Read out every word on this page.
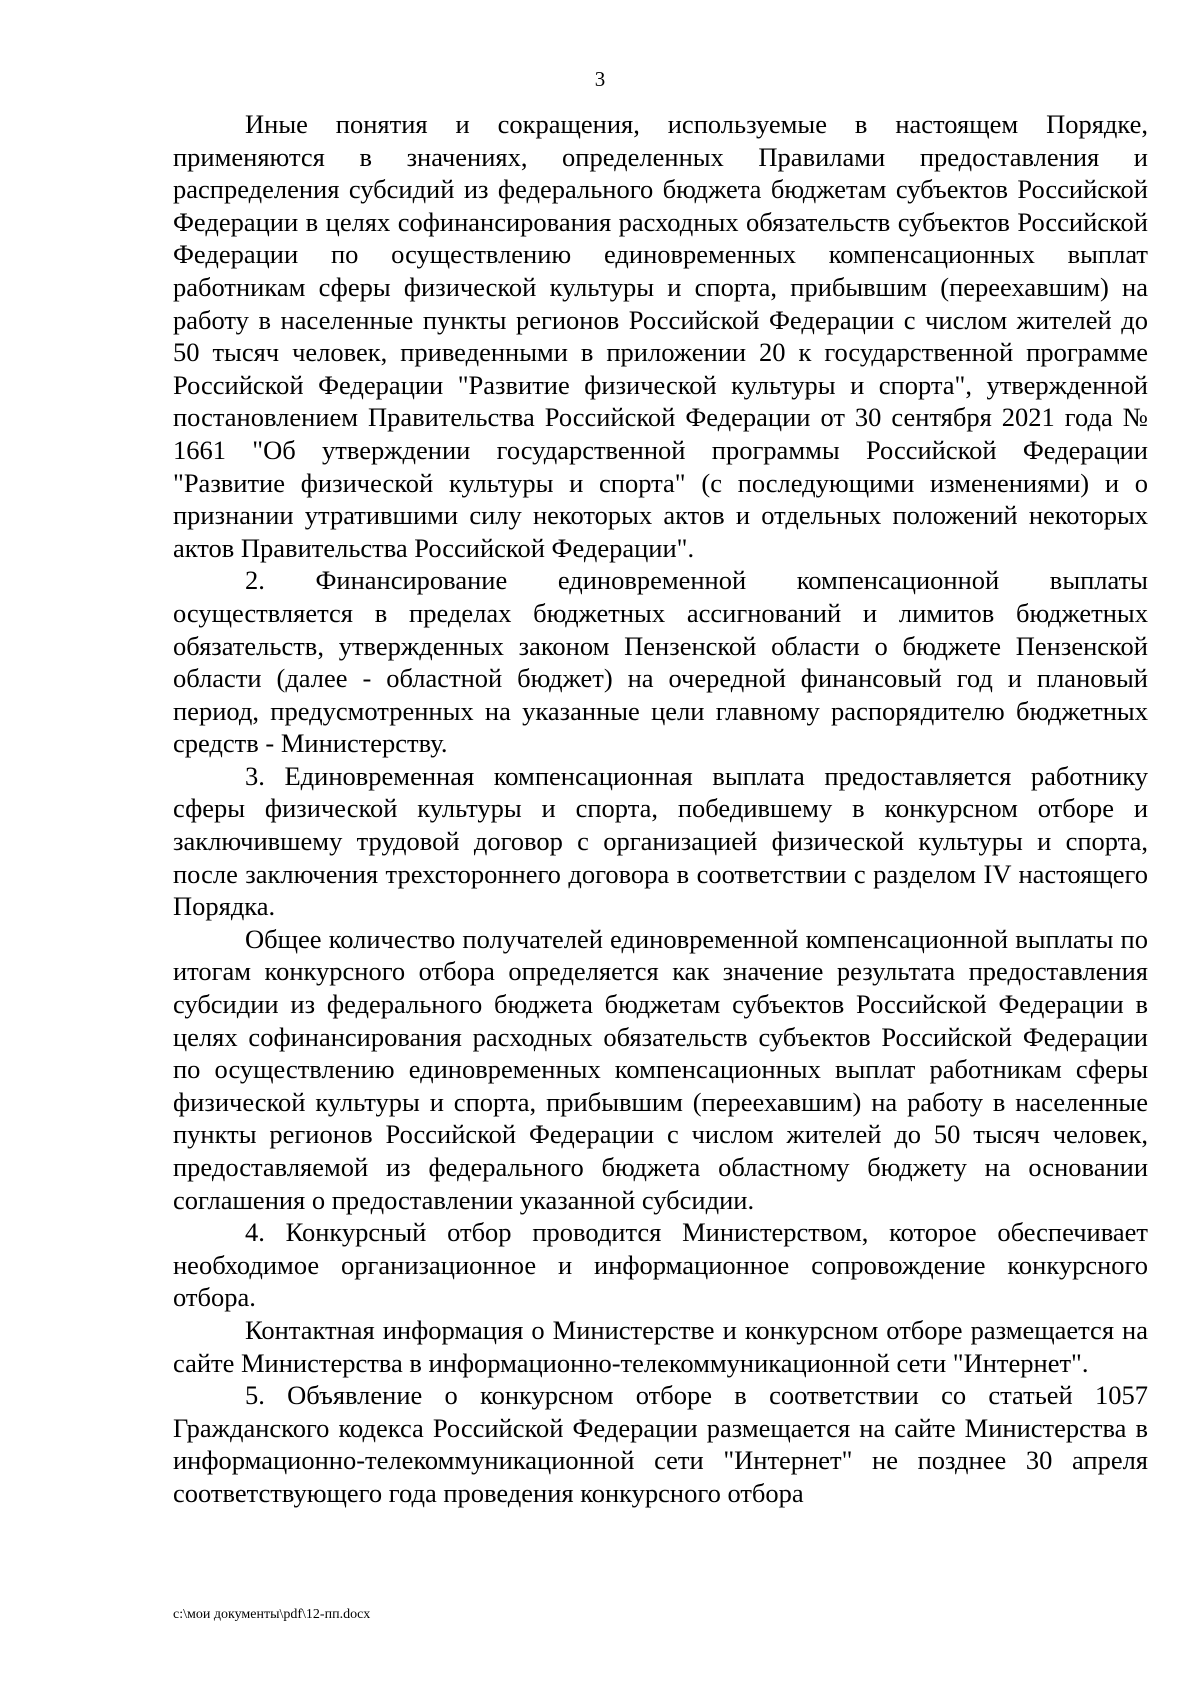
3

Иные понятия и сокращения, используемые в настоящем Порядке, применяются в значениях, определенных Правилами предоставления и распределения субсидий из федерального бюджета бюджетам субъектов Российской Федерации в целях софинансирования расходных обязательств субъектов Российской Федерации по осуществлению единовременных компенсационных выплат работникам сферы физической культуры и спорта, прибывшим (переехавшим) на работу в населенные пункты регионов Российской Федерации с числом жителей до 50 тысяч человек, приведенными в приложении 20 к государственной программе Российской Федерации "Развитие физической культуры и спорта", утвержденной постановлением Правительства Российской Федерации от 30 сентября 2021 года № 1661 "Об утверждении государственной программы Российской Федерации "Развитие физической культуры и спорта" (с последующими изменениями) и о признании утратившими силу некоторых актов и отдельных положений некоторых актов Правительства Российской Федерации".

2. Финансирование единовременной компенсационной выплаты осуществляется в пределах бюджетных ассигнований и лимитов бюджетных обязательств, утвержденных законом Пензенской области о бюджете Пензенской области (далее - областной бюджет) на очередной финансовый год и плановый период, предусмотренных на указанные цели главному распорядителю бюджетных средств - Министерству.

3. Единовременная компенсационная выплата предоставляется работнику сферы физической культуры и спорта, победившему в конкурсном отборе и заключившему трудовой договор с организацией физической культуры и спорта, после заключения трехстороннего договора в соответствии с разделом IV настоящего Порядка.

Общее количество получателей единовременной компенсационной выплаты по итогам конкурсного отбора определяется как значение результата предоставления субсидии из федерального бюджета бюджетам субъектов Российской Федерации в целях софинансирования расходных обязательств субъектов Российской Федерации по осуществлению единовременных компенсационных выплат работникам сферы физической культуры и спорта, прибывшим (переехавшим) на работу в населенные пункты регионов Российской Федерации с числом жителей до 50 тысяч человек, предоставляемой из федерального бюджета областному бюджету на основании соглашения о предоставлении указанной субсидии.

4. Конкурсный отбор проводится Министерством, которое обеспечивает необходимое организационное и информационное сопровождение конкурсного отбора.

Контактная информация о Министерстве и конкурсном отборе размещается на сайте Министерства в информационно-телекоммуникационной сети "Интернет".

5. Объявление о конкурсном отборе в соответствии со статьей 1057 Гражданского кодекса Российской Федерации размещается на сайте Министерства в информационно-телекоммуникационной сети "Интернет" не позднее 30 апреля соответствующего года проведения конкурсного отбора

c:\мои документы\pdf\12-пп.docx
